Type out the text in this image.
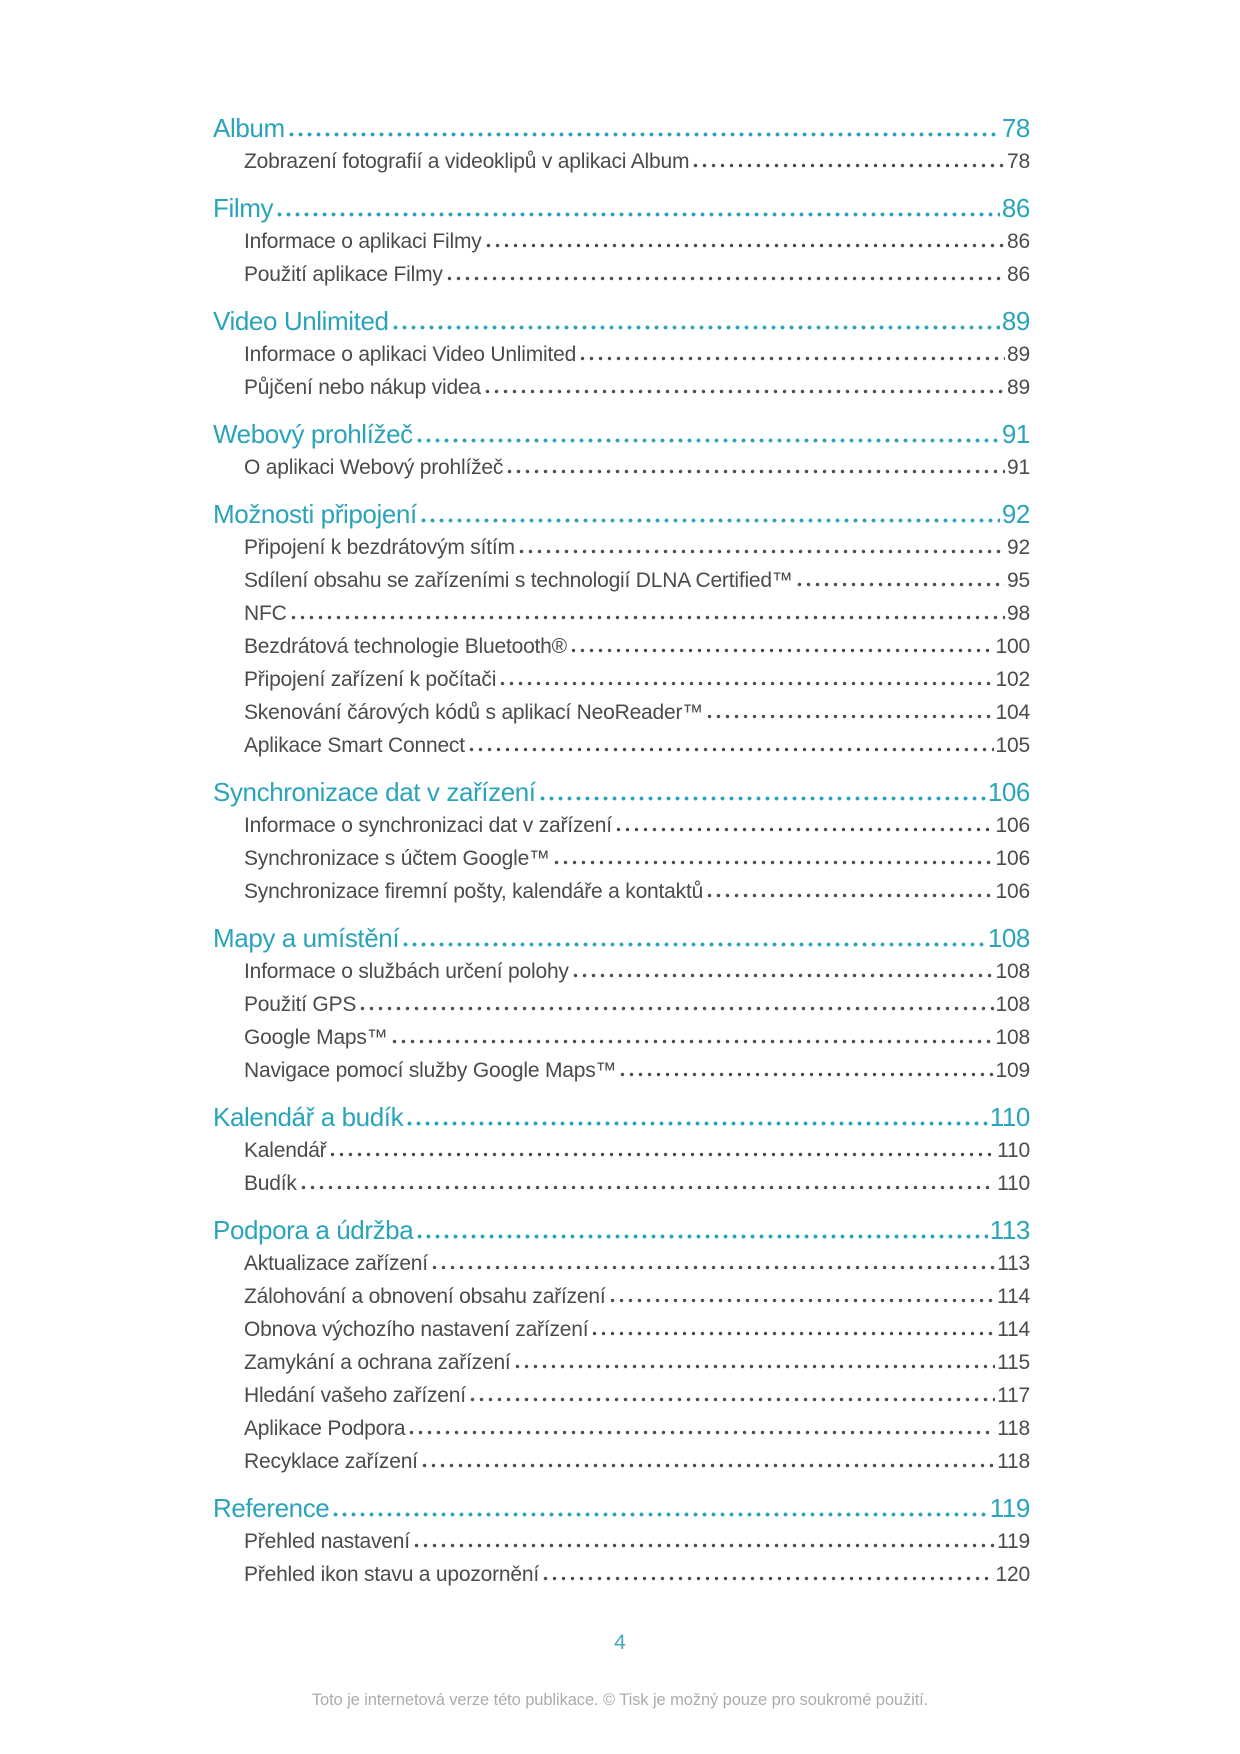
Album	78
Zobrazení fotografií a videoklipů v aplikaci Album	78
Filmy	86
Informace o aplikaci Filmy	86
Použití aplikace Filmy	86
Video Unlimited	89
Informace o aplikaci Video Unlimited	89
Půjčení nebo nákup videa	89
Webový prohlížeč	91
O aplikaci Webový prohlížeč	91
Možnosti připojení	92
Připojení k bezdrátovým sítím	92
Sdílení obsahu se zařízeními s technologií DLNA Certified™	95
NFC	98
Bezdrátová technologie Bluetooth®	100
Připojení zařízení k počítači	102
Skenování čárových kódů s aplikací NeoReader™	104
Aplikace Smart Connect	105
Synchronizace dat v zařízení	106
Informace o synchronizaci dat v zařízení	106
Synchronizace s účtem Google™	106
Synchronizace firemní pošty, kalendáře a kontaktů	106
Mapy a umístění	108
Informace o službách určení polohy	108
Použití GPS	108
Google Maps™	108
Navigace pomocí služby Google Maps™	109
Kalendář a budík	110
Kalendář	110
Budík	110
Podpora a údržba	113
Aktualizace zařízení	113
Zálohování a obnovení obsahu zařízení	114
Obnova výchozího nastavení zařízení	114
Zamykání a ochrana zařízení	115
Hledání vašeho zařízení	117
Aplikace Podpora	118
Recyklace zařízení	118
Reference	119
Přehled nastavení	119
Přehled ikon stavu a upozornění	120
4
Toto je internetová verze této publikace. © Tisk je možný pouze pro soukromé použití.
